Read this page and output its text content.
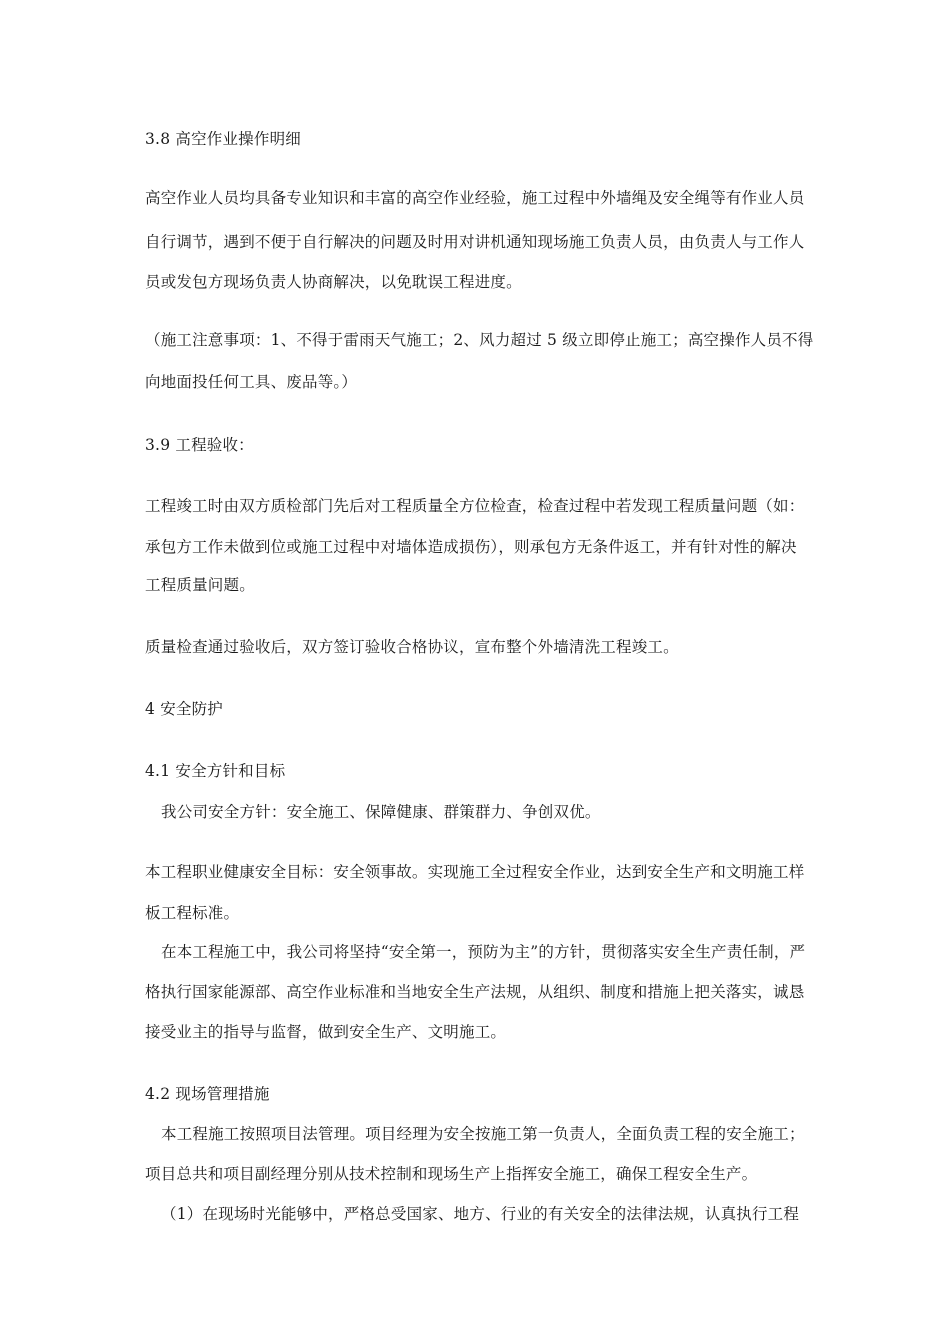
3.8 高空作业操作明细
高空作业人员均具备专业知识和丰富的高空作业经验，施工过程中外墙绳及安全绳等有作业人员
自行调节，遇到不便于自行解决的问题及时用对讲机通知现场施工负责人员，由负责人与工作人
员或发包方现场负责人协商解决，以免耽误工程进度。
（施工注意事项：1、不得于雷雨天气施工；2、风力超过 5 级立即停止施工；高空操作人员不得
向地面投任何工具、废品等。）
3.9 工程验收：
工程竣工时由双方质检部门先后对工程质量全方位检查，检查过程中若发现工程质量问题（如：
承包方工作未做到位或施工过程中对墙体造成损伤），则承包方无条件返工，并有针对性的解决
工程质量问题。
质量检查通过验收后，双方签订验收合格协议，宣布整个外墙清洗工程竣工。
4 安全防护
4.1 安全方针和目标
我公司安全方针：安全施工、保障健康、群策群力、争创双优。
本工程职业健康安全目标：安全领事故。实现施工全过程安全作业，达到安全生产和文明施工样
板工程标准。
在本工程施工中，我公司将坚持“安全第一，预防为主”的方针，贯彻落实安全生产责任制，严
格执行国家能源部、高空作业标准和当地安全生产法规，从组织、制度和措施上把关落实，诚恳
接受业主的指导与监督，做到安全生产、文明施工。
4.2 现场管理措施
本工程施工按照项目法管理。项目经理为安全按施工第一负责人，全面负责工程的安全施工；
项目总共和项目副经理分别从技术控制和现场生产上指挥安全施工，确保工程安全生产。
（1）在现场时光能够中，严格总受国家、地方、行业的有关安全的法律法规，认真执行工程
